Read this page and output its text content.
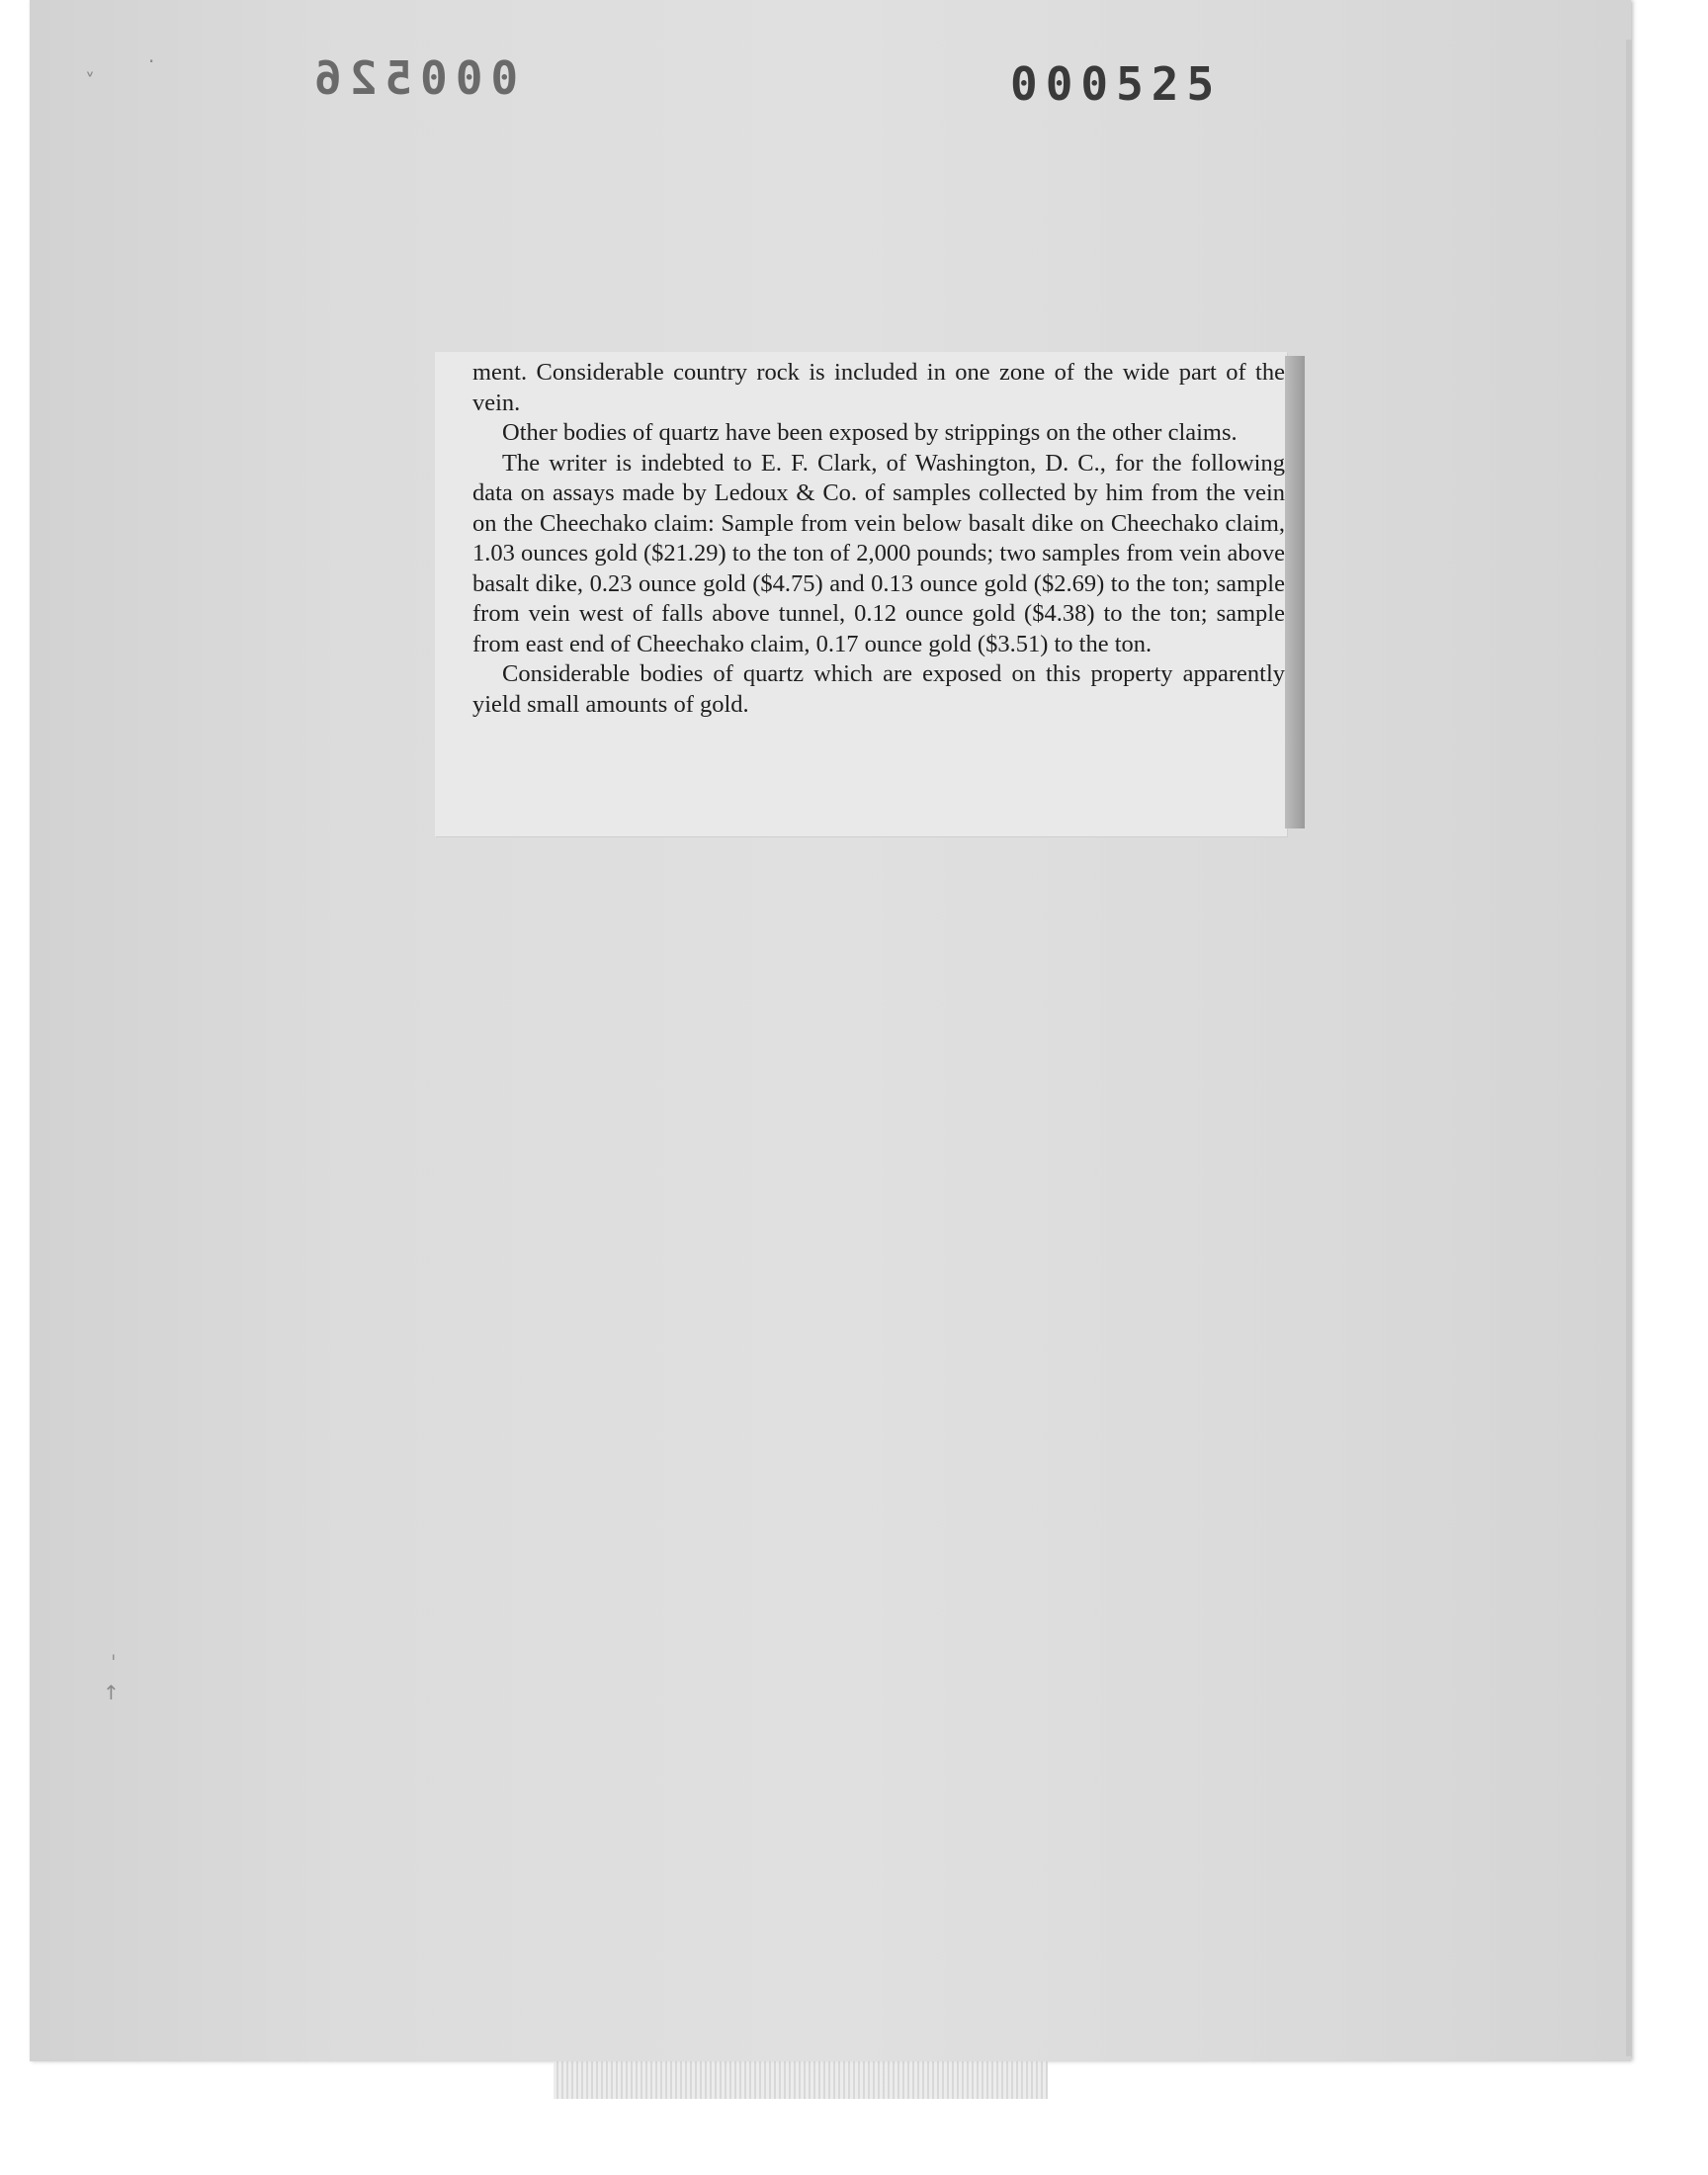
000526	000525
˅
·
ˈ
↑

ment. Considerable country rock is included in one zone of the wide part of the vein.

Other bodies of quartz have been exposed by strippings on the other claims.

The writer is indebted to E. F. Clark, of Washington, D. C., for the following data on assays made by Ledoux & Co. of samples collected by him from the vein on the Cheechako claim: Sample from vein below basalt dike on Cheechako claim, 1.03 ounces gold ($21.29) to the ton of 2,000 pounds; two samples from vein above basalt dike, 0.23 ounce gold ($4.75) and 0.13 ounce gold ($2.69) to the ton; sample from vein west of falls above tunnel, 0.12 ounce gold ($4.38) to the ton; sample from east end of Cheechako claim, 0.17 ounce gold ($3.51) to the ton.

Considerable bodies of quartz which are exposed on this property apparently yield small amounts of gold.
